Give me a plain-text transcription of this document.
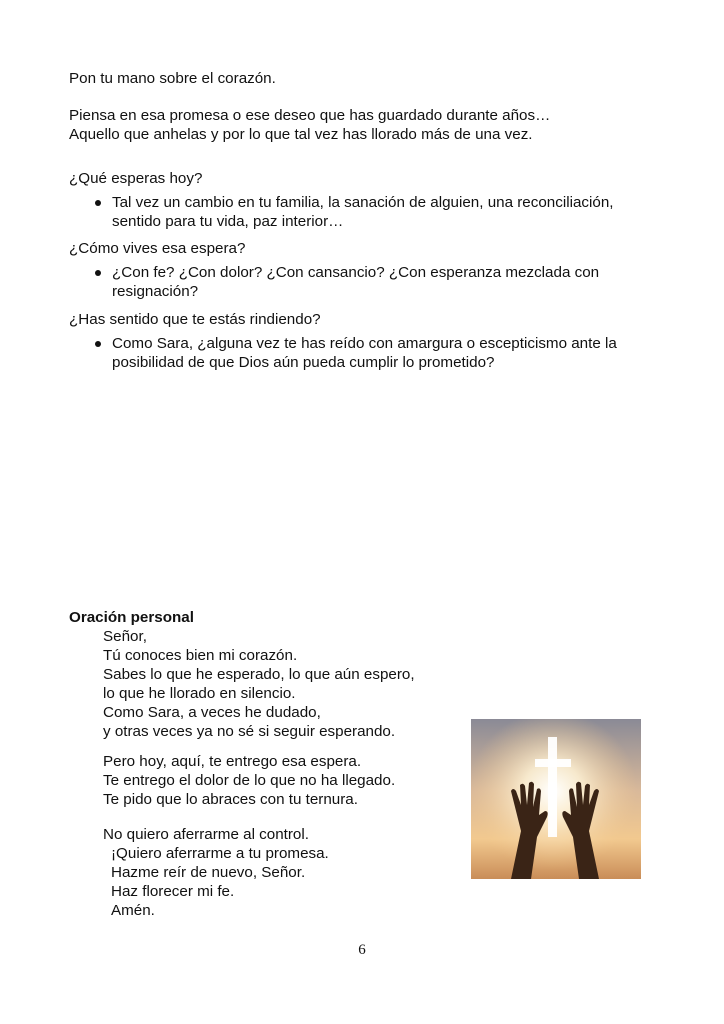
Pon tu mano sobre el corazón.

Piensa en esa promesa o ese deseo que has guardado durante años…
Aquello que anhelas y por lo que tal vez has llorado más de una vez.

¿Qué esperas hoy?

Tal vez un cambio en tu familia, la sanación de alguien, una reconciliación,
sentido para tu vida, paz interior…

¿Cómo vives esa espera?

¿Con fe? ¿Con dolor? ¿Con cansancio? ¿Con esperanza mezclada con
resignación?

¿Has sentido que te estás rindiendo?

Como Sara, ¿alguna vez te has reído con amargura o escepticismo ante la
posibilidad de que Dios aún pueda cumplir lo prometido?

Oración personal

Señor,
Tú conoces bien mi corazón.
Sabes lo que he esperado, lo que aún espero,
lo que he llorado en silencio.
Como Sara, a veces he dudado,
y otras veces ya no sé si seguir esperando.
Pero hoy, aquí, te entrego esa espera.
Te entrego el dolor de lo que no ha llegado.
Te pido que lo abraces con tu ternura.
No quiero aferrarme al control.
¡Quiero aferrarme a tu promesa.
Hazme reír de nuevo, Señor.
Haz florecer mi fe.
Amén.

6
